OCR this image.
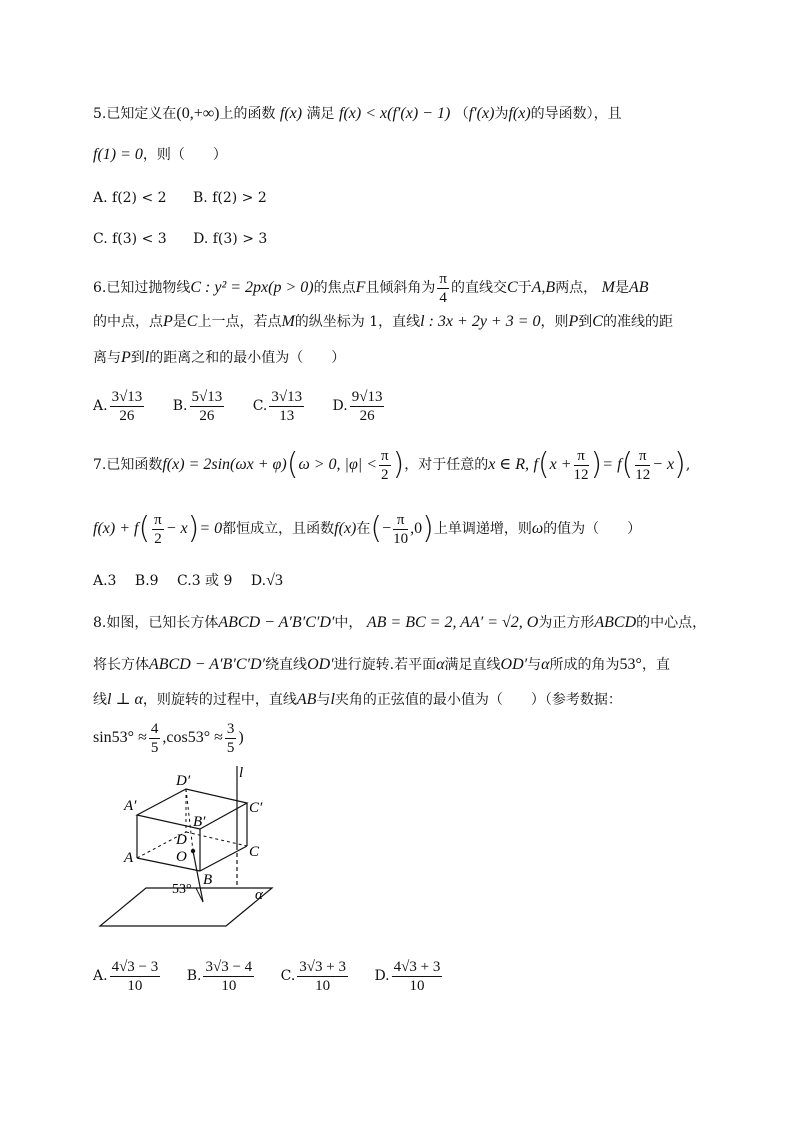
5.已知定义在(0,+∞)上的函数 f(x) 满足 f(x) < x(f′(x) − 1) （f′(x)为f(x)的导函数），且
f(1) = 0，则（　　）
A. f(2) < 2 B. f(2) > 2
C. f(3) < 3 D. f(3) > 3
6.已知过抛物线C : y² = 2px(p > 0)的焦点F且倾斜角为 $\frac{\pi}{4}$ 的直线交C于A,B两点， M是AB
的中点，点P是C上一点，若点M的纵坐标为 1，直线l : 3x + 2y + 3 = 0，则P到C的准线的距
离与P到l的距离之和的最小值为（　　）
A. $\frac{3√13}{26} B$. $\frac{5√13}{26} C$. $\frac{3√13}{13} D$. $\frac{9√13}{26}$
7.已知函数f(x) = 2sin(ωx + φ)(ω > 0, $|\varphi| < \frac{\pi}{2}$ )，对于任意的x ∈ R, $f(x + \frac{\pi}{12}$ )= $f( \frac{\pi}{12} - x)$,
$f(x) + f( \frac{\pi}{2} - x)= 0$都恒成立，且函数f(x)在(− $\frac{\pi}{10} ,0$)上单调递增，则ω的值为（　　）
A.3 B.9 C.3 或 9 D.√3
8.如图，已知长方体ABCD − A′B′C′D′中， AB = BC = 2, AA′ = √2, O为正方形ABCD的中心点，
将长方体ABCD − A′B′C′D′绕直线OD′进行旋转.若平面α满足直线OD′与α所成的角为53°，直
线l ⊥ α，则旋转的过程中，直线AB与l夹角的正弦值的最小值为（　　）（参考数据：
$\sin 53^\circ \approx \frac{4}{5} ,\cos 53^\circ \approx \frac{3}{5}$ )
D′
A′
B′
C′
D
O
A
B
C
l
α
53°
A. $\frac{4√3 - 3}{10} B$. $\frac{3√3 - 4}{10} C$. $\frac{3√3 + 3}{10} D$. $\frac{4√3 + 3}{10}$
